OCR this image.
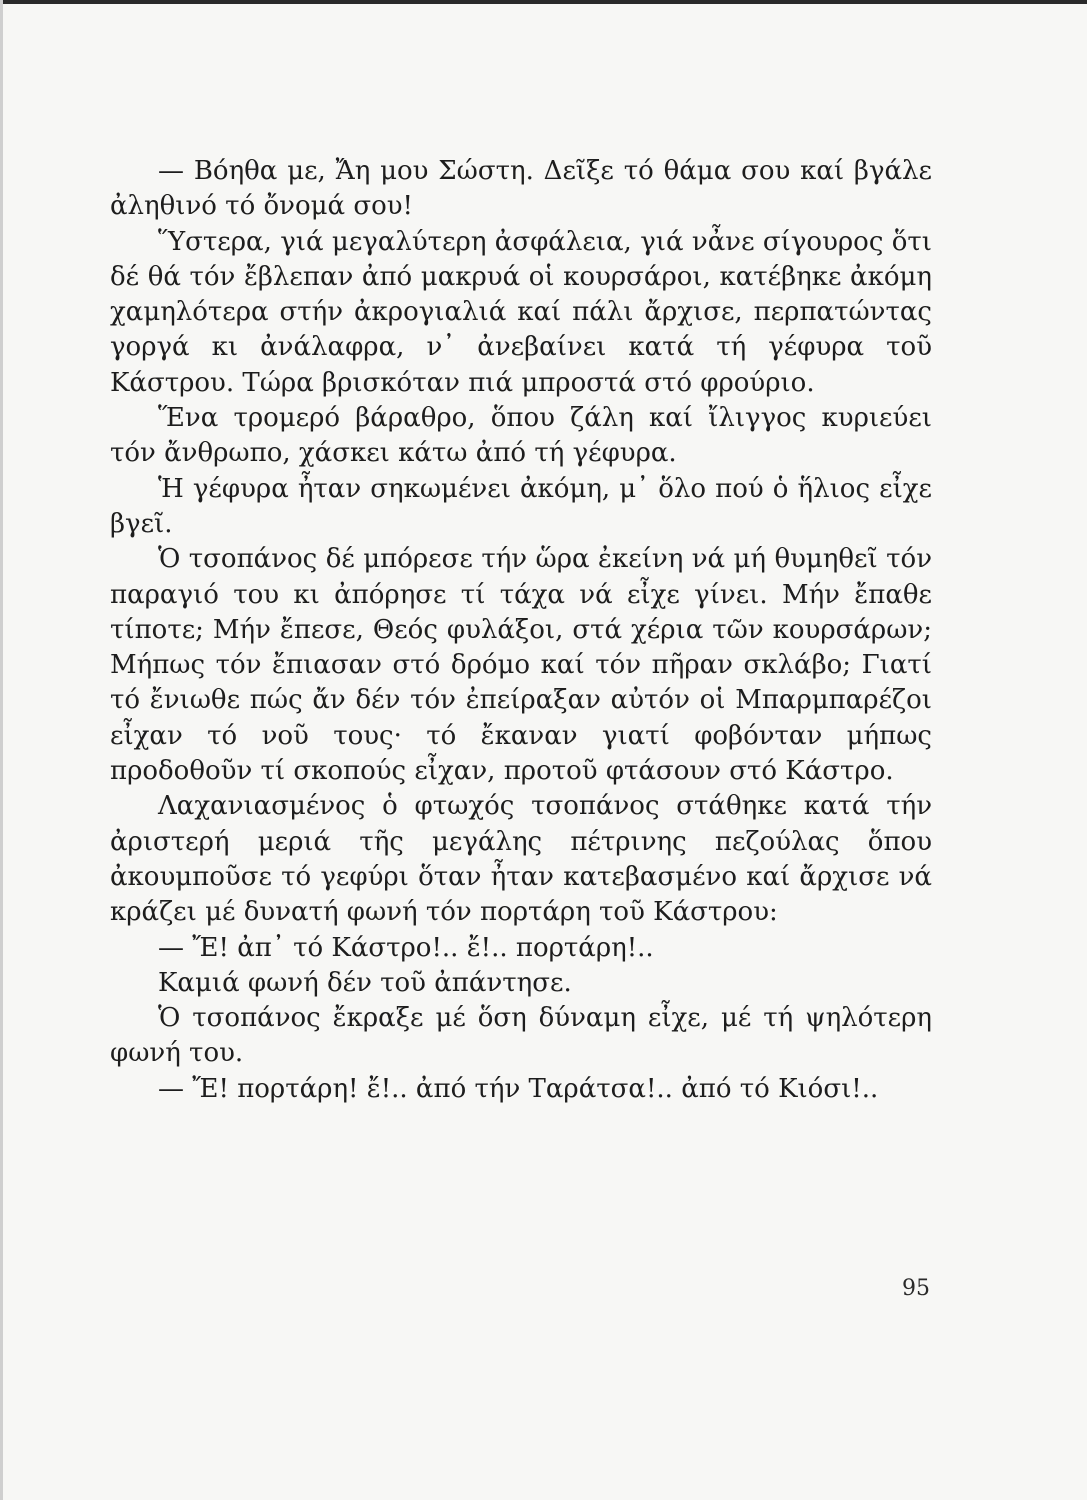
— Βόηθα με, Ἄη μου Σώστη. Δεῖξε τό θάμα σου καί βγάλε ἀληθινό τό ὄνομά σου!

Ὕστερα, γιά μεγαλύτερη ἀσφάλεια, γιά νἆνε σίγουρος ὅτι δέ θά τόν ἔβλεπαν ἀπό μακρυά οἱ κουρσάροι, κατέβηκε ἀκόμη χαμηλότερα στήν ἀκρογιαλιά καί πάλι ἄρχισε, περπατώντας γοργά κι ἀνάλαφρα, ν᾽ ἀνεβαίνει κατά τή γέφυρα τοῦ Κάστρου. Τώρα βρισκόταν πιά μπροστά στό φρούριο.

Ἕνα τρομερό βάραθρο, ὅπου ζάλη καί ἴλιγγος κυριεύει τόν ἄνθρωπο, χάσκει κάτω ἀπό τή γέφυρα.

Ἡ γέφυρα ἦταν σηκωμένει ἀκόμη, μ᾽ ὅλο πού ὁ ἥλιος εἶχε βγεῖ.

Ὁ τσοπάνος δέ μπόρεσε τήν ὥρα ἐκείνη νά μή θυμηθεῖ τόν παραγιό του κι ἀπόρησε τί τάχα νά εἶχε γίνει. Μήν ἔπαθε τίποτε; Μήν ἔπεσε, Θεός φυλάξοι, στά χέρια τῶν κουρσάρων; Μήπως τόν ἔπιασαν στό δρόμο καί τόν πῆραν σκλάβο; Γιατί τό ἔνιωθε πώς ἄν δέν τόν ἐπείραξαν αὐτόν οἱ Μπαρμπαρέζοι εἶχαν τό νοῦ τους· τό ἔκαναν γιατί φοβόνταν μήπως προδοθοῦν τί σκοπούς εἶχαν, προτοῦ φτάσουν στό Κάστρο.

Λαχανιασμένος ὁ φτωχός τσοπάνος στάθηκε κατά τήν ἀριστερή μεριά τῆς μεγάλης πέτρινης πεζούλας ὅπου ἀκουμποῦσε τό γεφύρι ὅταν ἦταν κατεβασμένο καί ἄρχισε νά κράζει μέ δυνατή φωνή τόν πορτάρη τοῦ Κάστρου:

— Ἔ! ἀπ᾽ τό Κάστρο!.. ἔ!.. πορτάρη!..

Καμιά φωνή δέν τοῦ ἀπάντησε.

Ὁ τσοπάνος ἔκραξε μέ ὅση δύναμη εἶχε, μέ τή ψηλότερη φωνή του.

— Ἔ! πορτάρη! ἔ!.. ἀπό τήν Ταράτσα!.. ἀπό τό Κιόσι!..

95
